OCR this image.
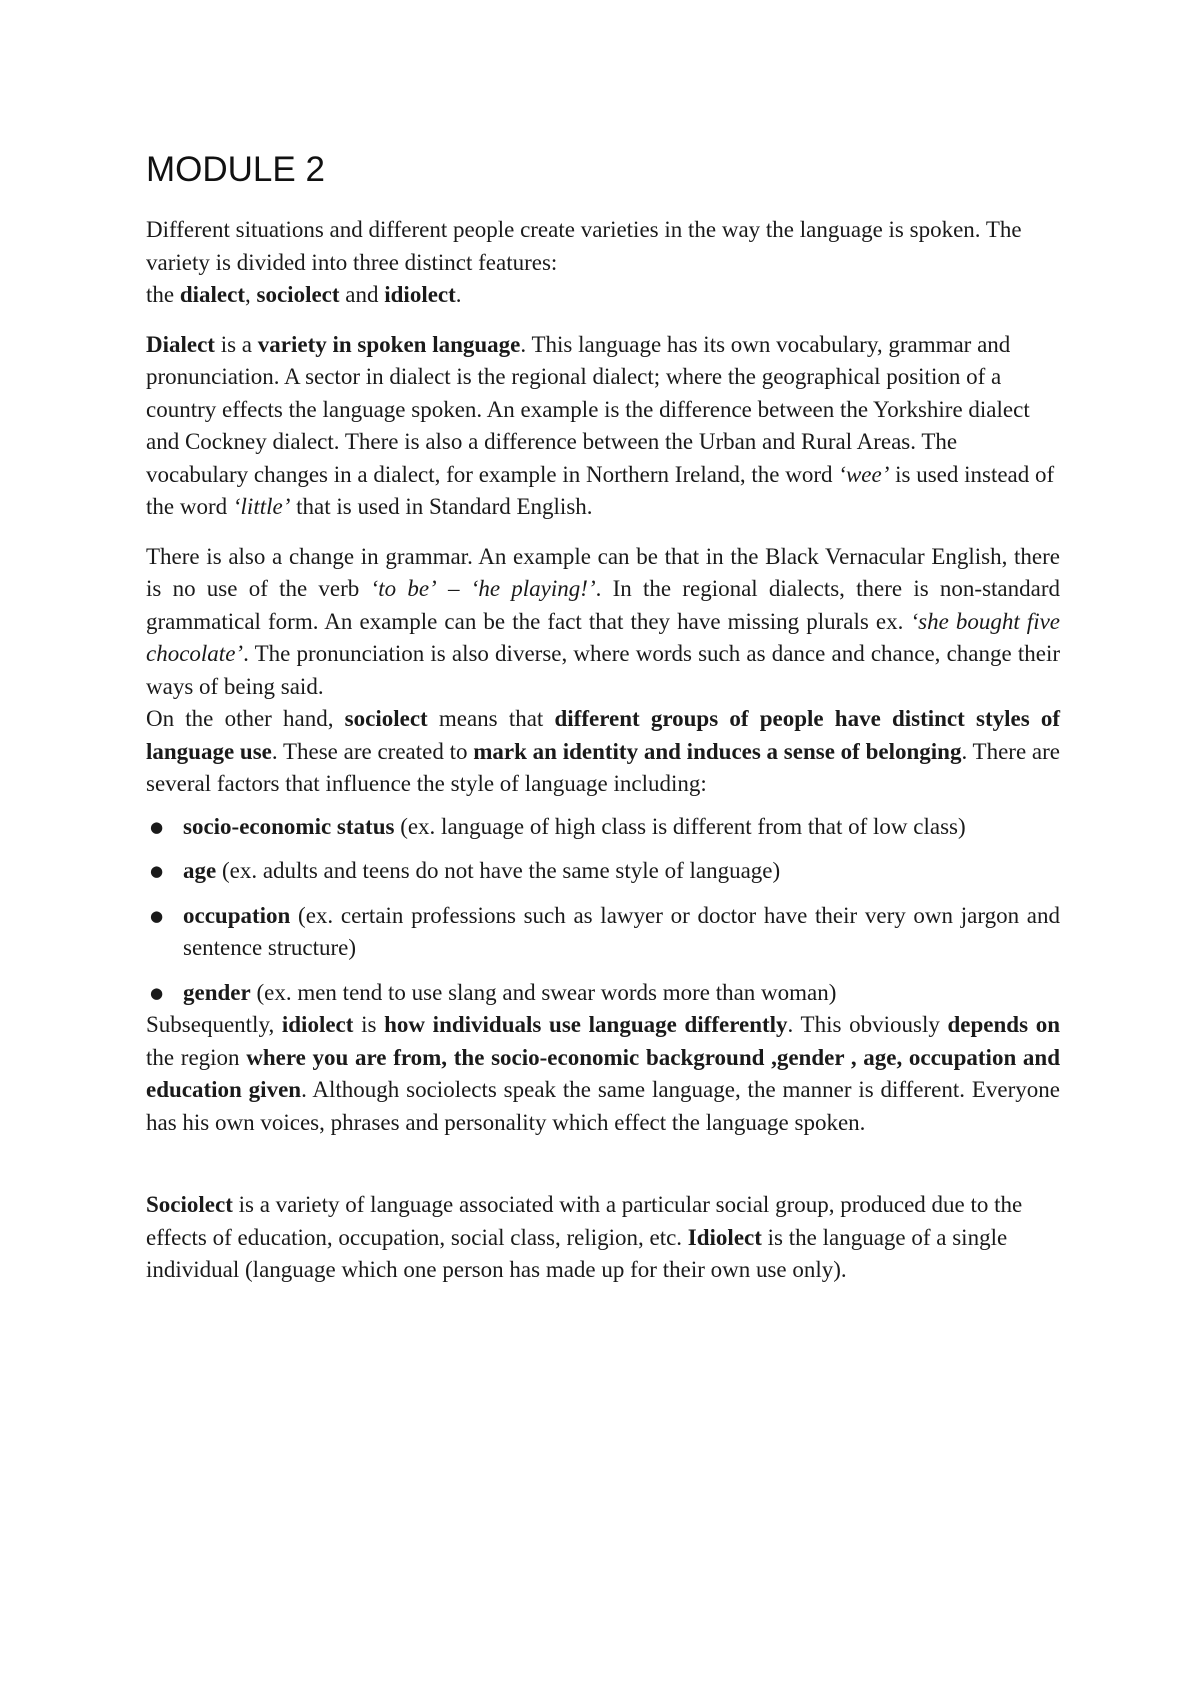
MODULE 2

Different situations and different people create varieties in the way the language is spoken. The variety is divided into three distinct features:
the dialect, sociolect and idiolect.

Dialect is a variety in spoken language. This language has its own vocabulary, grammar and pronunciation. A sector in dialect is the regional dialect; where the geographical position of a country effects the language spoken. An example is the difference between the Yorkshire dialect and Cockney dialect. There is also a difference between the Urban and Rural Areas. The vocabulary changes in a dialect, for example in Northern Ireland, the word ‘wee’ is used instead of the word ‘little’ that is used in Standard English.

There is also a change in grammar. An example can be that in the Black Vernacular English, there is no use of the verb ‘to be’ – ‘he playing!’. In the regional dialects, there is non-standard grammatical form. An example can be the fact that they have missing plurals ex. ‘she bought five chocolate’. The pronunciation is also diverse, where words such as dance and chance, change their ways of being said.

On the other hand, sociolect means that different groups of people have distinct styles of language use. These are created to mark an identity and induces a sense of belonging. There are several factors that influence the style of language including:

● socio-economic status (ex. language of high class is different from that of low class)
● age (ex. adults and teens do not have the same style of language)
● occupation (ex. certain professions such as lawyer or doctor have their very own jargon and sentence structure)
● gender (ex. men tend to use slang and swear words more than woman)

Subsequently, idiolect is how individuals use language differently. This obviously depends on the region where you are from, the socio-economic background ,gender , age, occupation and education given. Although sociolects speak the same language, the manner is different. Everyone has his own voices, phrases and personality which effect the language spoken.

Sociolect is a variety of language associated with a particular social group, produced due to the effects of education, occupation, social class, religion, etc. Idiolect is the language of a single individual (language which one person has made up for their own use only).
